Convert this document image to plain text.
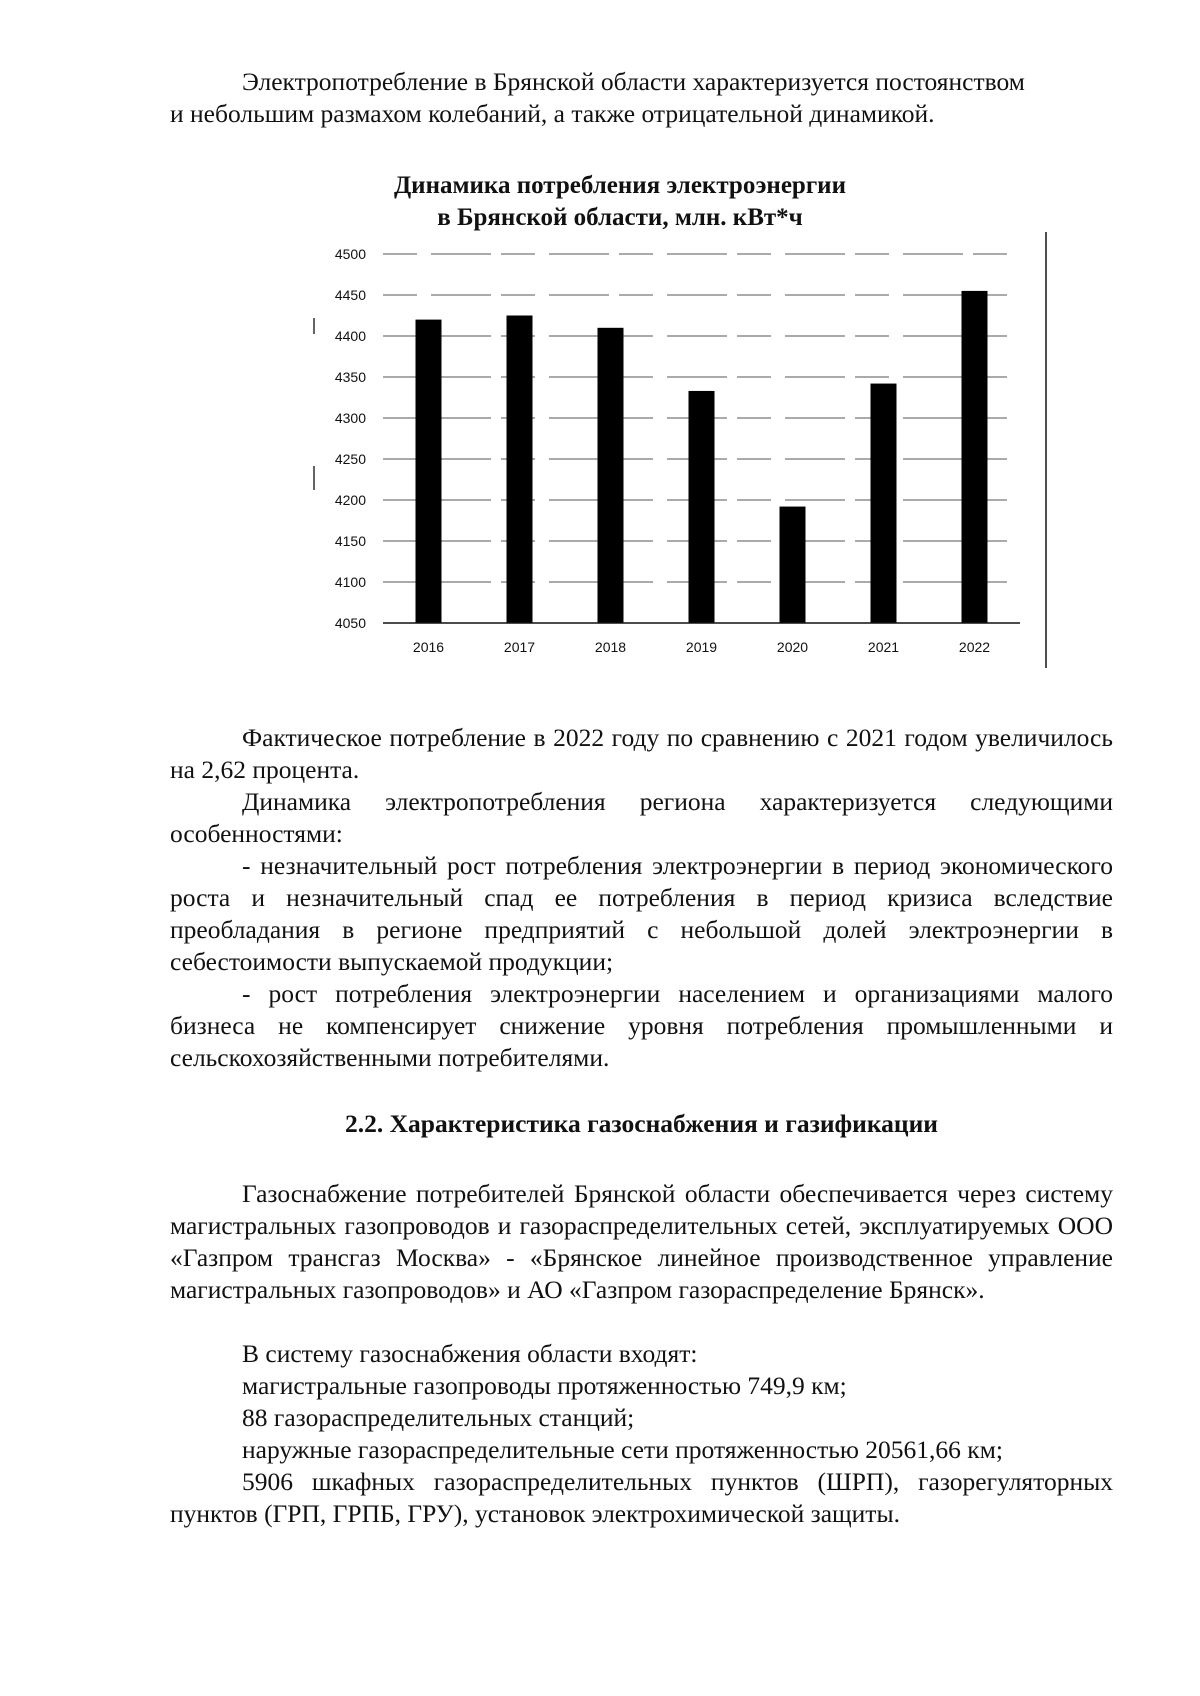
Электропотребление в Брянской области характеризуется постоянством

и небольшим размахом колебаний, а также отрицательной динамикой.

Динамика потребления электроэнергии
в Брянской области, млн. кВт*ч
4500
4450
4400
4350
4300
4250
4200
4150
4100
4050
2016	2017	2018	2019	2020	2021	2022

Фактическое потребление в 2022 году по сравнению с 2021 годом увеличилось на 2,62 процента.

Динамика электропотребления региона характеризуется следующими особенностями:

- незначительный рост потребления электроэнергии в период экономического роста и незначительный спад ее потребления в период кризиса вследствие преобладания в регионе предприятий с небольшой долей электроэнергии в себестоимости выпускаемой продукции;

- рост потребления электроэнергии населением и организациями малого бизнеса не компенсирует снижение уровня потребления промышленными и сельскохозяйственными потребителями.

2.2. Характеристика газоснабжения и газификации

Газоснабжение потребителей Брянской области обеспечивается через систему магистральных газопроводов и газораспределительных сетей, эксплуатируемых ООО «Газпром трансгаз Москва» - «Брянское линейное производственное управление магистральных газопроводов» и АО «Газпром газораспределение Брянск».

В систему газоснабжения области входят:

магистральные газопроводы протяженностью 749,9 км;

88 газораспределительных станций;

наружные газораспределительные сети протяженностью 20561,66 км;

5906 шкафных газораспределительных пунктов (ШРП), газорегуляторных пунктов (ГРП, ГРПБ, ГРУ), установок электрохимической защиты.
